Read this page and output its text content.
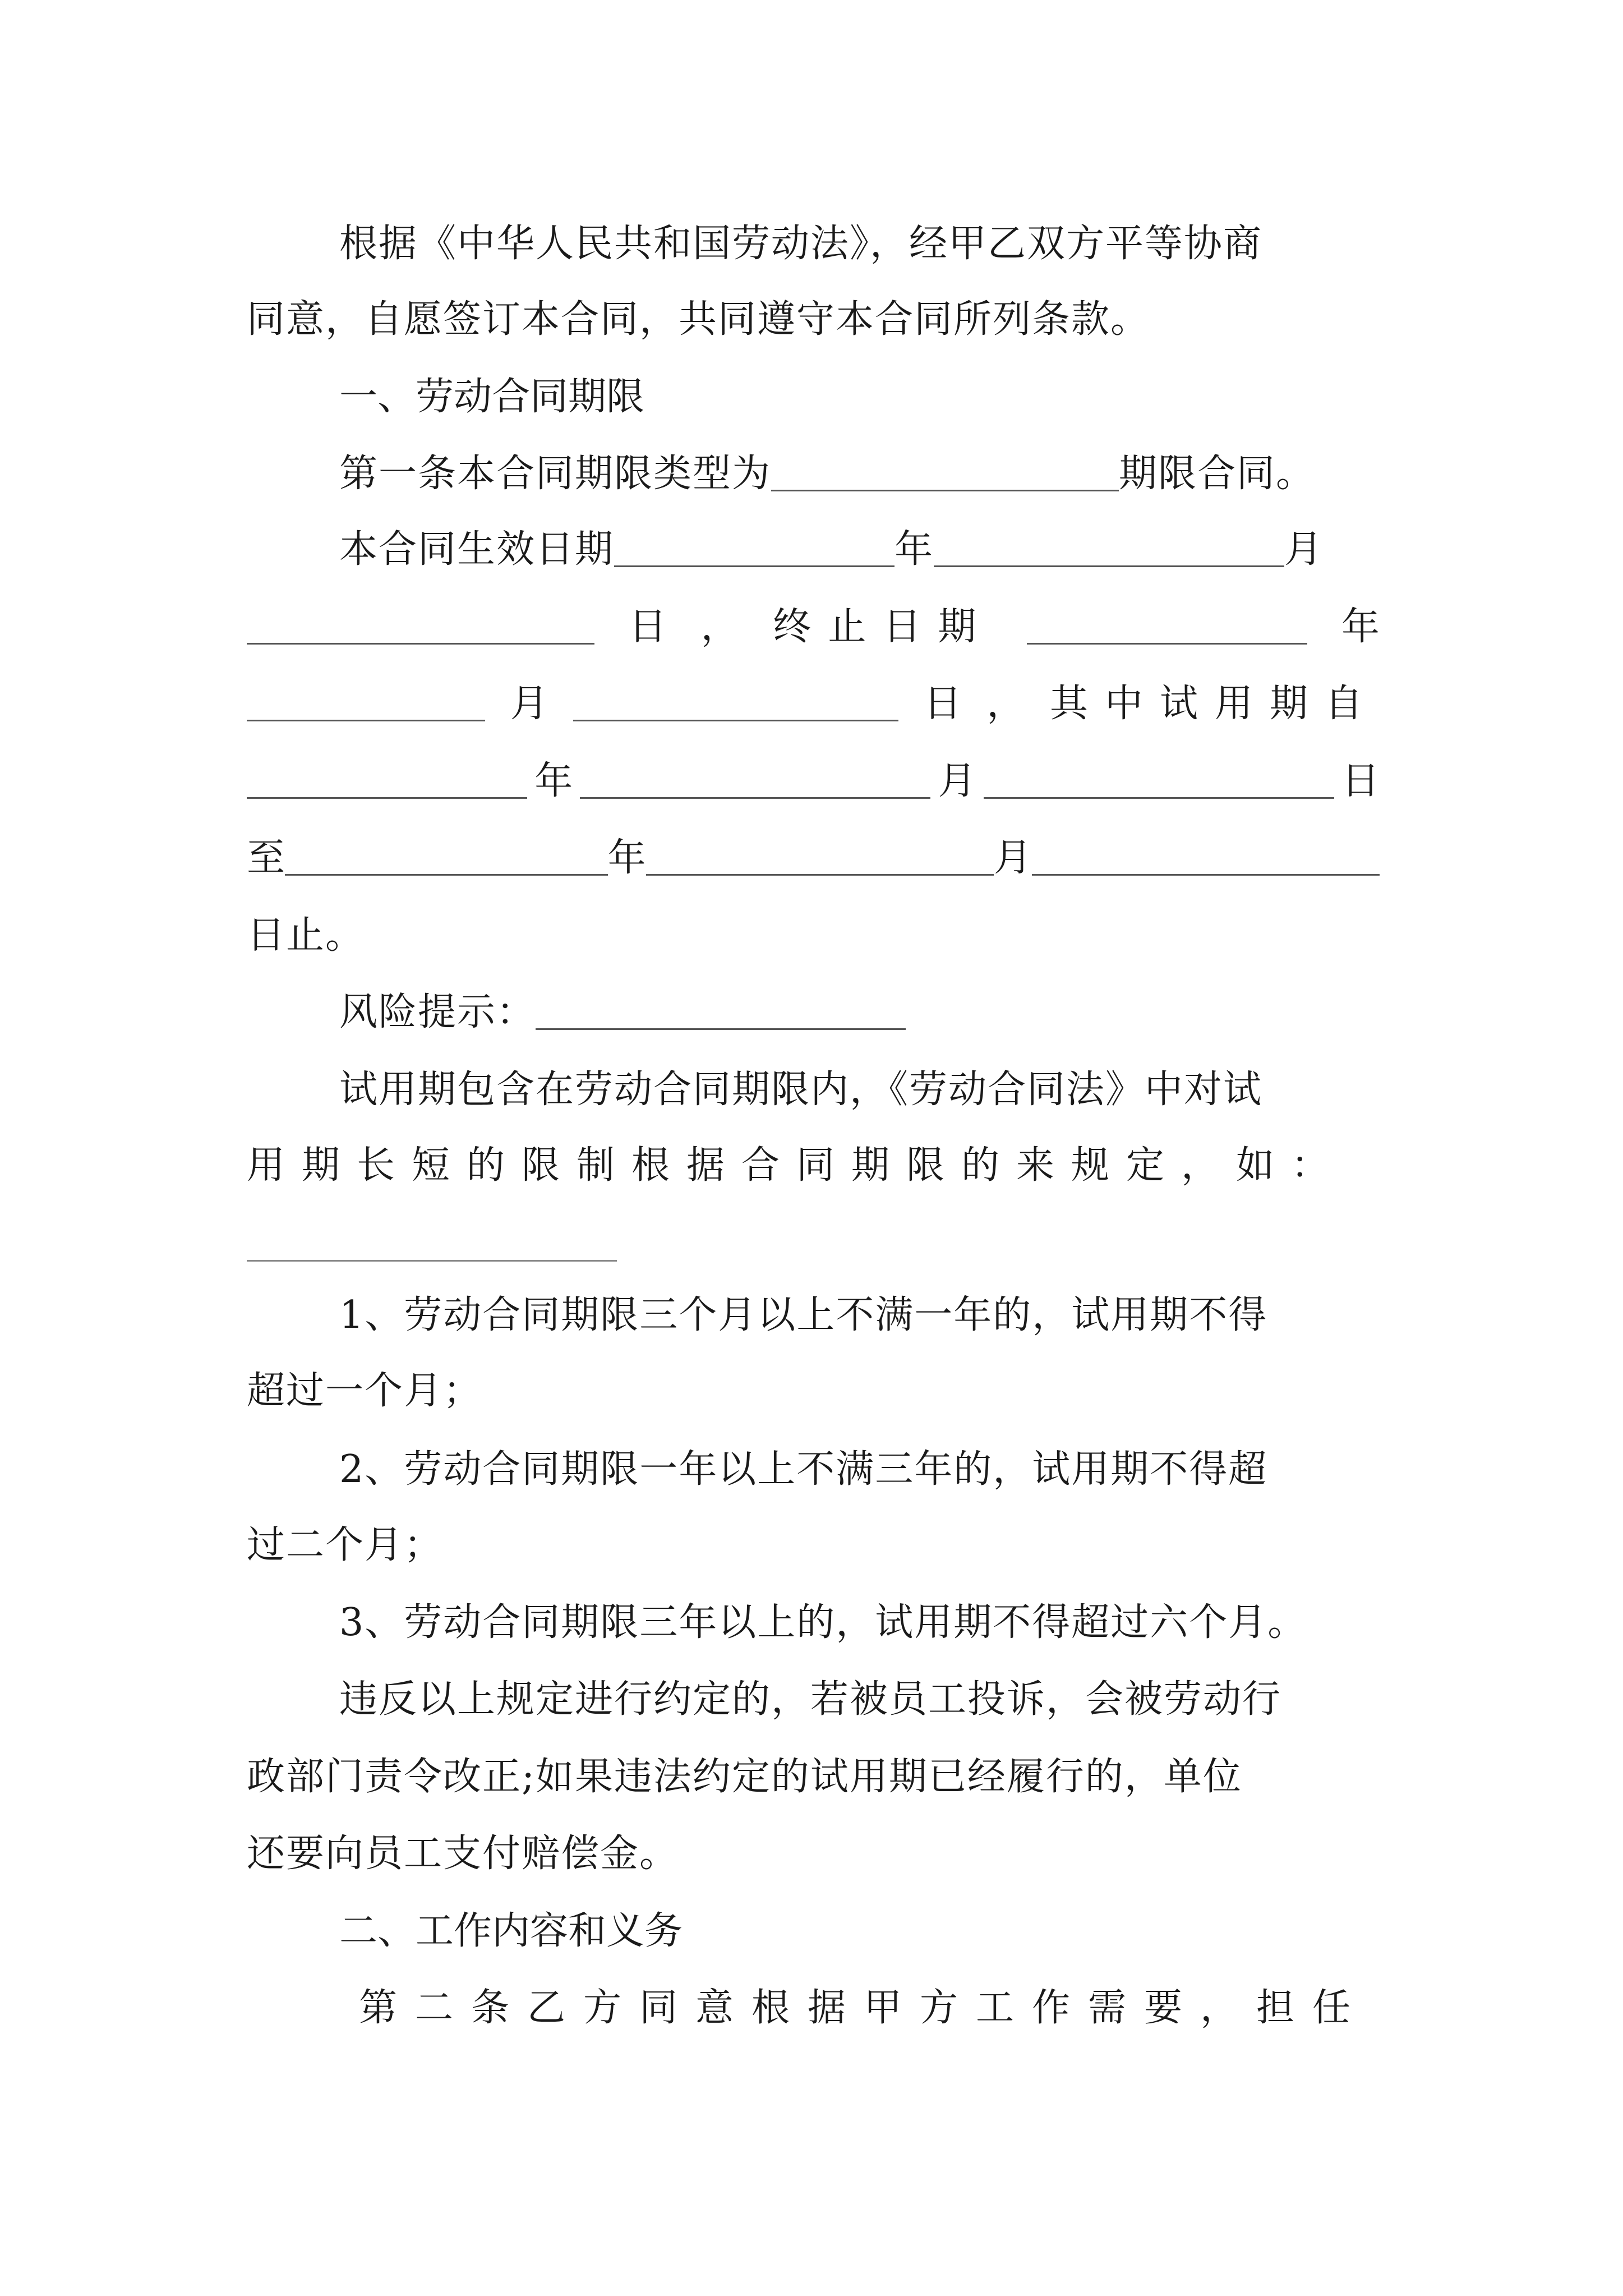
根据《中华人民共和国劳动法》，经甲乙双方平等协商
同意，自愿签订本合同，共同遵守本合同所列条款。
一、劳动合同期限
第一条本合同期限类型为	期限合同。
本合同生效日期	年	月
日 ， 终止日期	年
月	日 ， 其中试用期自
年	月	日
至	年	月
日止。
风险提示：
试用期包含在劳动合同期限内，《劳动合同法》中对试
用期长短的限制根据合同期限的来规定，如：
1、劳动合同期限三个月以上不满一年的，试用期不得
超过一个月；
2、劳动合同期限一年以上不满三年的，试用期不得超
过二个月；
3、劳动合同期限三年以上的，试用期不得超过六个月。
违反以上规定进行约定的，若被员工投诉，会被劳动行
政部门责令改正;如果违法约定的试用期已经履行的，单位
还要向员工支付赔偿金。
二、工作内容和义务
第二条乙方同意根据甲方工作需要，担任
